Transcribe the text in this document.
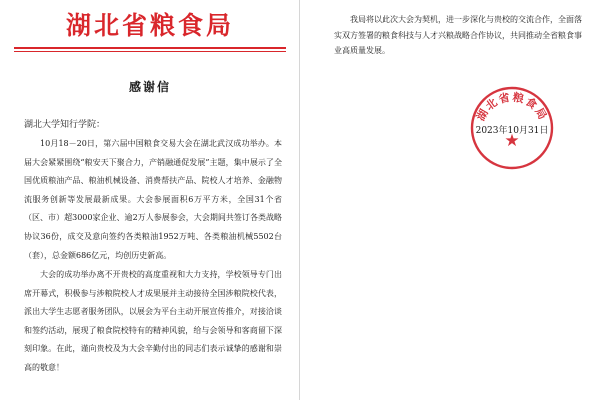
湖北省粮食局
感谢信
湖北大学知行学院：

10月18－20日，第六届中国粮食交易大会在湖北武汉成功举办。本届大会紧紧围绕“粮安天下聚合力，产销融通促发展”主题，集中展示了全国优质粮油产品、粮油机械设备、消费帮扶产品、院校人才培养、金融物流服务创新等发展最新成果。大会参展面积6万平方米，全国31个省（区、市）超3000家企业、逾2万人参展参会，大会期间共签订各类战略协议36份，成交及意向签约各类粮油1952万吨、各类粮油机械5502台（套），总金额686亿元，均创历史新高。

大会的成功举办离不开贵校的高度重视和大力支持，学校领导专门出席开幕式，积极参与涉粮院校人才成果展并主动接待全国涉粮院校代表，派出大学生志愿者服务团队，以展会为平台主动开展宣传推介，对接洽谈和签约活动，展现了粮食院校特有的精神风貌，给与会领导和客商留下深刻印象。在此，谨向贵校及为大会辛勤付出的同志们表示诚挚的感谢和崇高的敬意！

我局将以此次大会为契机，进一步深化与贵校的交流合作，全面落实双方签署的粮食科技与人才兴粮战略合作协议，共同推动全省粮食事业高质量发展。

湖北省粮食局
★
2023年10月31日
